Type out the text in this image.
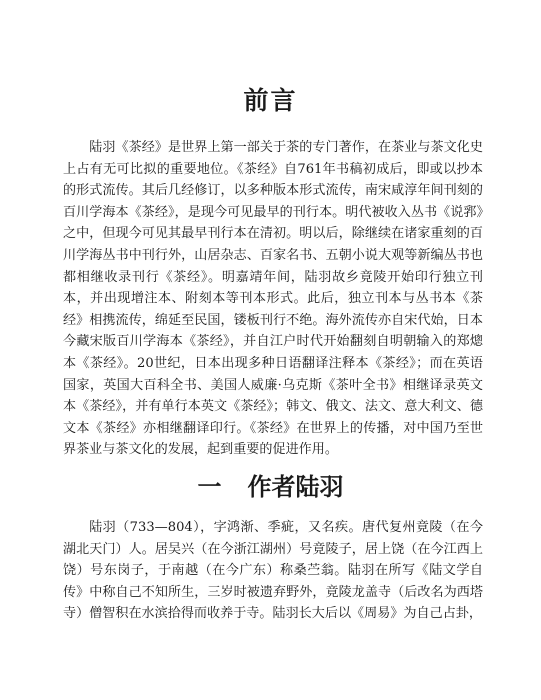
前言

陆羽《茶经》是世界上第一部关于茶的专门著作，在茶业与茶文化史上占有无可比拟的重要地位。《茶经》自761年书稿初成后，即或以抄本的形式流传。其后几经修订，以多种版本形式流传，南宋咸淳年间刊刻的百川学海本《茶经》，是现今可见最早的刊行本。明代被收入丛书《说郛》之中，但现今可见其最早刊行本在清初。明以后，除继续在诸家重刻的百川学海丛书中刊行外，山居杂志、百家名书、五朝小说大观等新编丛书也都相继收录刊行《茶经》。明嘉靖年间，陆羽故乡竟陵开始印行独立刊本，并出现增注本、附刻本等刊本形式。此后，独立刊本与丛书本《茶经》相携流传，绵延至民国，镂板刊行不绝。海外流传亦自宋代始，日本今藏宋版百川学海本《茶经》，并自江户时代开始翻刻自明朝输入的郑熜本《茶经》。20世纪，日本出现多种日语翻译注释本《茶经》；而在英语国家，英国大百科全书、美国人威廉·乌克斯《茶叶全书》相继译录英文本《茶经》，并有单行本英文《茶经》；韩文、俄文、法文、意大利文、德文本《茶经》亦相继翻译印行。《茶经》在世界上的传播，对中国乃至世界茶业与茶文化的发展，起到重要的促进作用。

一 作者陆羽

陆羽（733—804），字鸿渐、季疵，又名疾。唐代复州竟陵（在今湖北天门）人。居吴兴（在今浙江湖州）号竟陵子，居上饶（在今江西上饶）号东岗子，于南越（在今广东）称桑苎翁。陆羽在所写《陆文学自传》中称自己不知所生，三岁时被遗弃野外，竟陵龙盖寺（后改名为西塔寺）僧智积在水滨拾得而收养于寺。陆羽长大后以《周易》为自己占卦，
